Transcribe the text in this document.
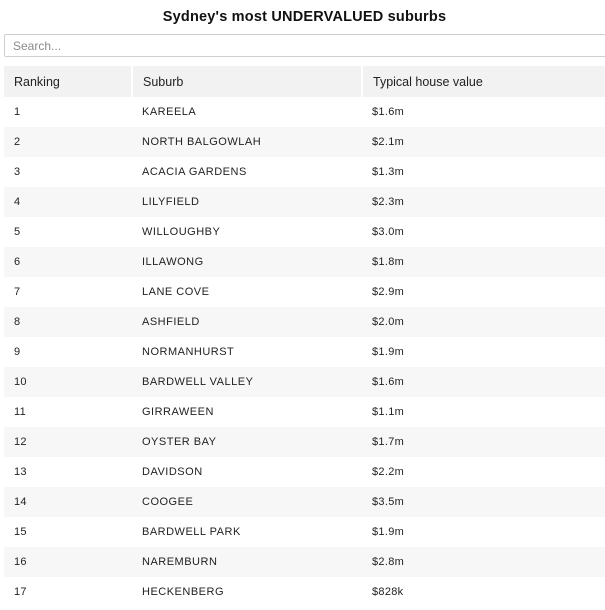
Sydney's most UNDERVALUED suburbs
Search...
Ranking	Suburb	Typical house value
1	KAREELA	$1.6m
2	NORTH BALGOWLAH	$2.1m
3	ACACIA GARDENS	$1.3m
4	LILYFIELD	$2.3m
5	WILLOUGHBY	$3.0m
6	ILLAWONG	$1.8m
7	LANE COVE	$2.9m
8	ASHFIELD	$2.0m
9	NORMANHURST	$1.9m
10	BARDWELL VALLEY	$1.6m
11	GIRRAWEEN	$1.1m
12	OYSTER BAY	$1.7m
13	DAVIDSON	$2.2m
14	COOGEE	$3.5m
15	BARDWELL PARK	$1.9m
16	NAREMBURN	$2.8m
17	HECKENBERG	$828k
